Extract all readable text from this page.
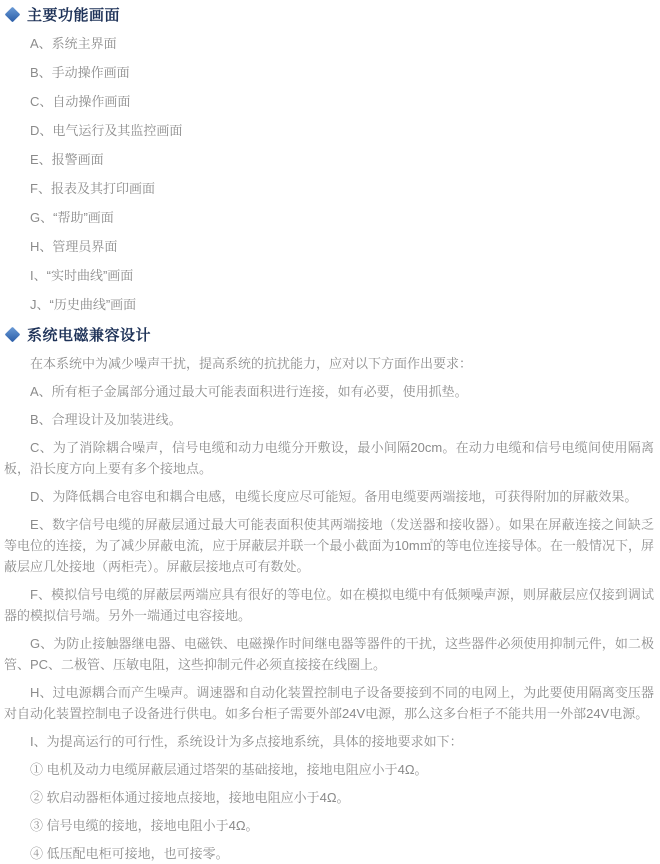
主要功能画面

A、系统主界面

B、手动操作画面

C、自动操作画面

D、电气运行及其监控画面

E、报警画面

F、报表及其打印画面

G、“帮助”画面

H、管理员界面

I、“实时曲线”画面

J、“历史曲线”画面

系统电磁兼容设计

在本系统中为减少噪声干扰，提高系统的抗扰能力，应对以下方面作出要求：

A、所有柜子金属部分通过最大可能表面积进行连接，如有必要，使用抓垫。

B、合理设计及加装进线。

C、为了消除耦合噪声，信号电缆和动力电缆分开敷设，最小间隔20cm。在动力电缆和信号电缆间使用隔离板，沿长度方向上要有多个接地点。

D、为降低耦合电容电和耦合电感，电缆长度应尽可能短。备用电缆要两端接地，可获得附加的屏蔽效果。

E、数字信号电缆的屏蔽层通过最大可能表面积使其两端接地（发送器和接收器）。如果在屏蔽连接之间缺乏等电位的连接，为了减少屏蔽电流，应于屏蔽层并联一个最小截面为10m㎡的等电位连接导体。在一般情况下，屏蔽层应几处接地（两柜壳）。屏蔽层接地点可有数处。

F、模拟信号电缆的屏蔽层两端应具有很好的等电位。如在模拟电缆中有低频噪声源，则屏蔽层应仅接到调试器的模拟信号端。另外一端通过电容接地。

G、为防止接触器继电器、电磁铁、电磁操作时间继电器等器件的干扰，这些器件必须使用抑制元件，如二极管、PC、二极管、压敏电阻，这些抑制元件必须直接接在线圈上。

H、过电源耦合而产生噪声。调速器和自动化装置控制电子设备要接到不同的电网上，为此要使用隔离变压器对自动化装置控制电子设备进行供电。如多台柜子需要外部24V电源，那么这多台柜子不能共用一外部24V电源。

I、为提高运行的可行性，系统设计为多点接地系统，具体的接地要求如下：

① 电机及动力电缆屏蔽层通过塔架的基础接地，接地电阻应小于4Ω。

② 软启动器柜体通过接地点接地，接地电阻应小于4Ω。

③ 信号电缆的接地，接地电阻小于4Ω。

④ 低压配电柜可接地，也可接零。
